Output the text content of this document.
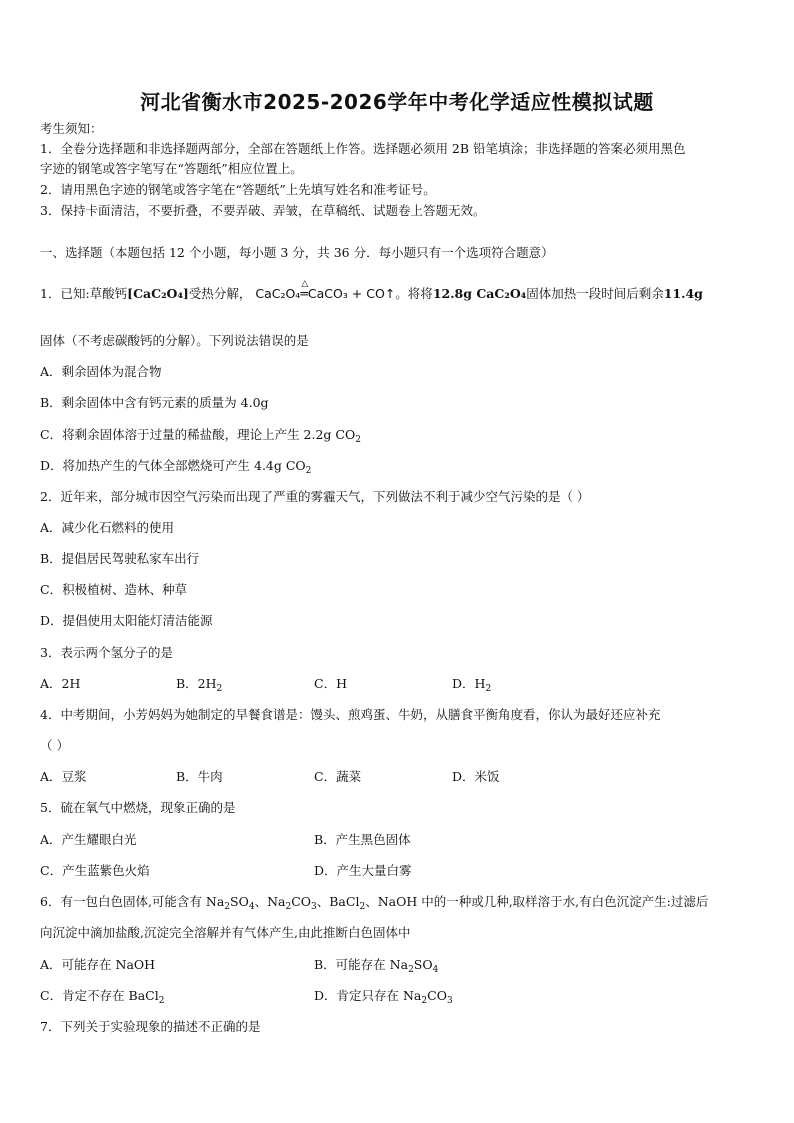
河北省衡水市2025-2026学年中考化学适应性模拟试题
考生须知：
1．全卷分选择题和非选择题两部分，全部在答题纸上作答。选择题必须用 2B 铅笔填涂；非选择题的答案必须用黑色
字迹的钢笔或答字笔写在“答题纸”相应位置上。
2．请用黑色字迹的钢笔或答字笔在“答题纸”上先填写姓名和准考证号。
3．保持卡面清洁，不要折叠，不要弄破、弄皱，在草稿纸、试题卷上答题无效。
一、选择题（本题包括 12 个小题，每小题 3 分，共 36 分．每小题只有一个选项符合题意）
1．已知:草酸钙[CaC₂O₄]受热分解， CaC₂O₄
△
═CaCO₃ + CO↑。将将12.8g CaC₂O₄固体加热一段时间后剩余11.4g
固体（不考虑碳酸钙的分解）。下列说法错误的是
A．剩余固体为混合物
B．剩余固体中含有钙元素的质量为 4.0g
C．将剩余固体溶于过量的稀盐酸，理论上产生 2.2g $CO_2$
D．将加热产生的气体全部燃烧可产生 4.4g $CO_2$
2．近年来，部分城市因空气污染而出现了严重的雾霾天气，下列做法不利于减少空气污染的是（ ）
A．减少化石燃料的使用
B．提倡居民驾驶私家车出行
C．积极植树、造林、种草
D．提倡使用太阳能灯清洁能源
3．表示两个氢分子的是
A．2H	B．$2H_2$	C．H	D．$H_2$
4．中考期间，小芳妈妈为她制定的早餐食谱是：馒头、煎鸡蛋、牛奶，从膳食平衡角度看，你认为最好还应补充
（ ）
A．豆浆	B．牛肉	C．蔬菜	D．米饭
5．硫在氧气中燃烧，现象正确的是
A．产生耀眼白光	B．产生黑色固体
C．产生蓝紫色火焰	D．产生大量白雾
6．有一包白色固体,可能含有 $Na_2SO_4$、$Na_2CO_3$、BaCl$_2$、NaOH 中的一种或几种,取样溶于水,有白色沉淀产生:过滤后
向沉淀中滴加盐酸,沉淀完全溶解并有气体产生,由此推断白色固体中
A．可能存在 NaOH	B．可能存在 $Na_2SO_4$
C．肯定不存在 BaCl$_2$	D．肯定只存在 $Na_2CO_3$
7．下列关于实验现象的描述不正确的是
